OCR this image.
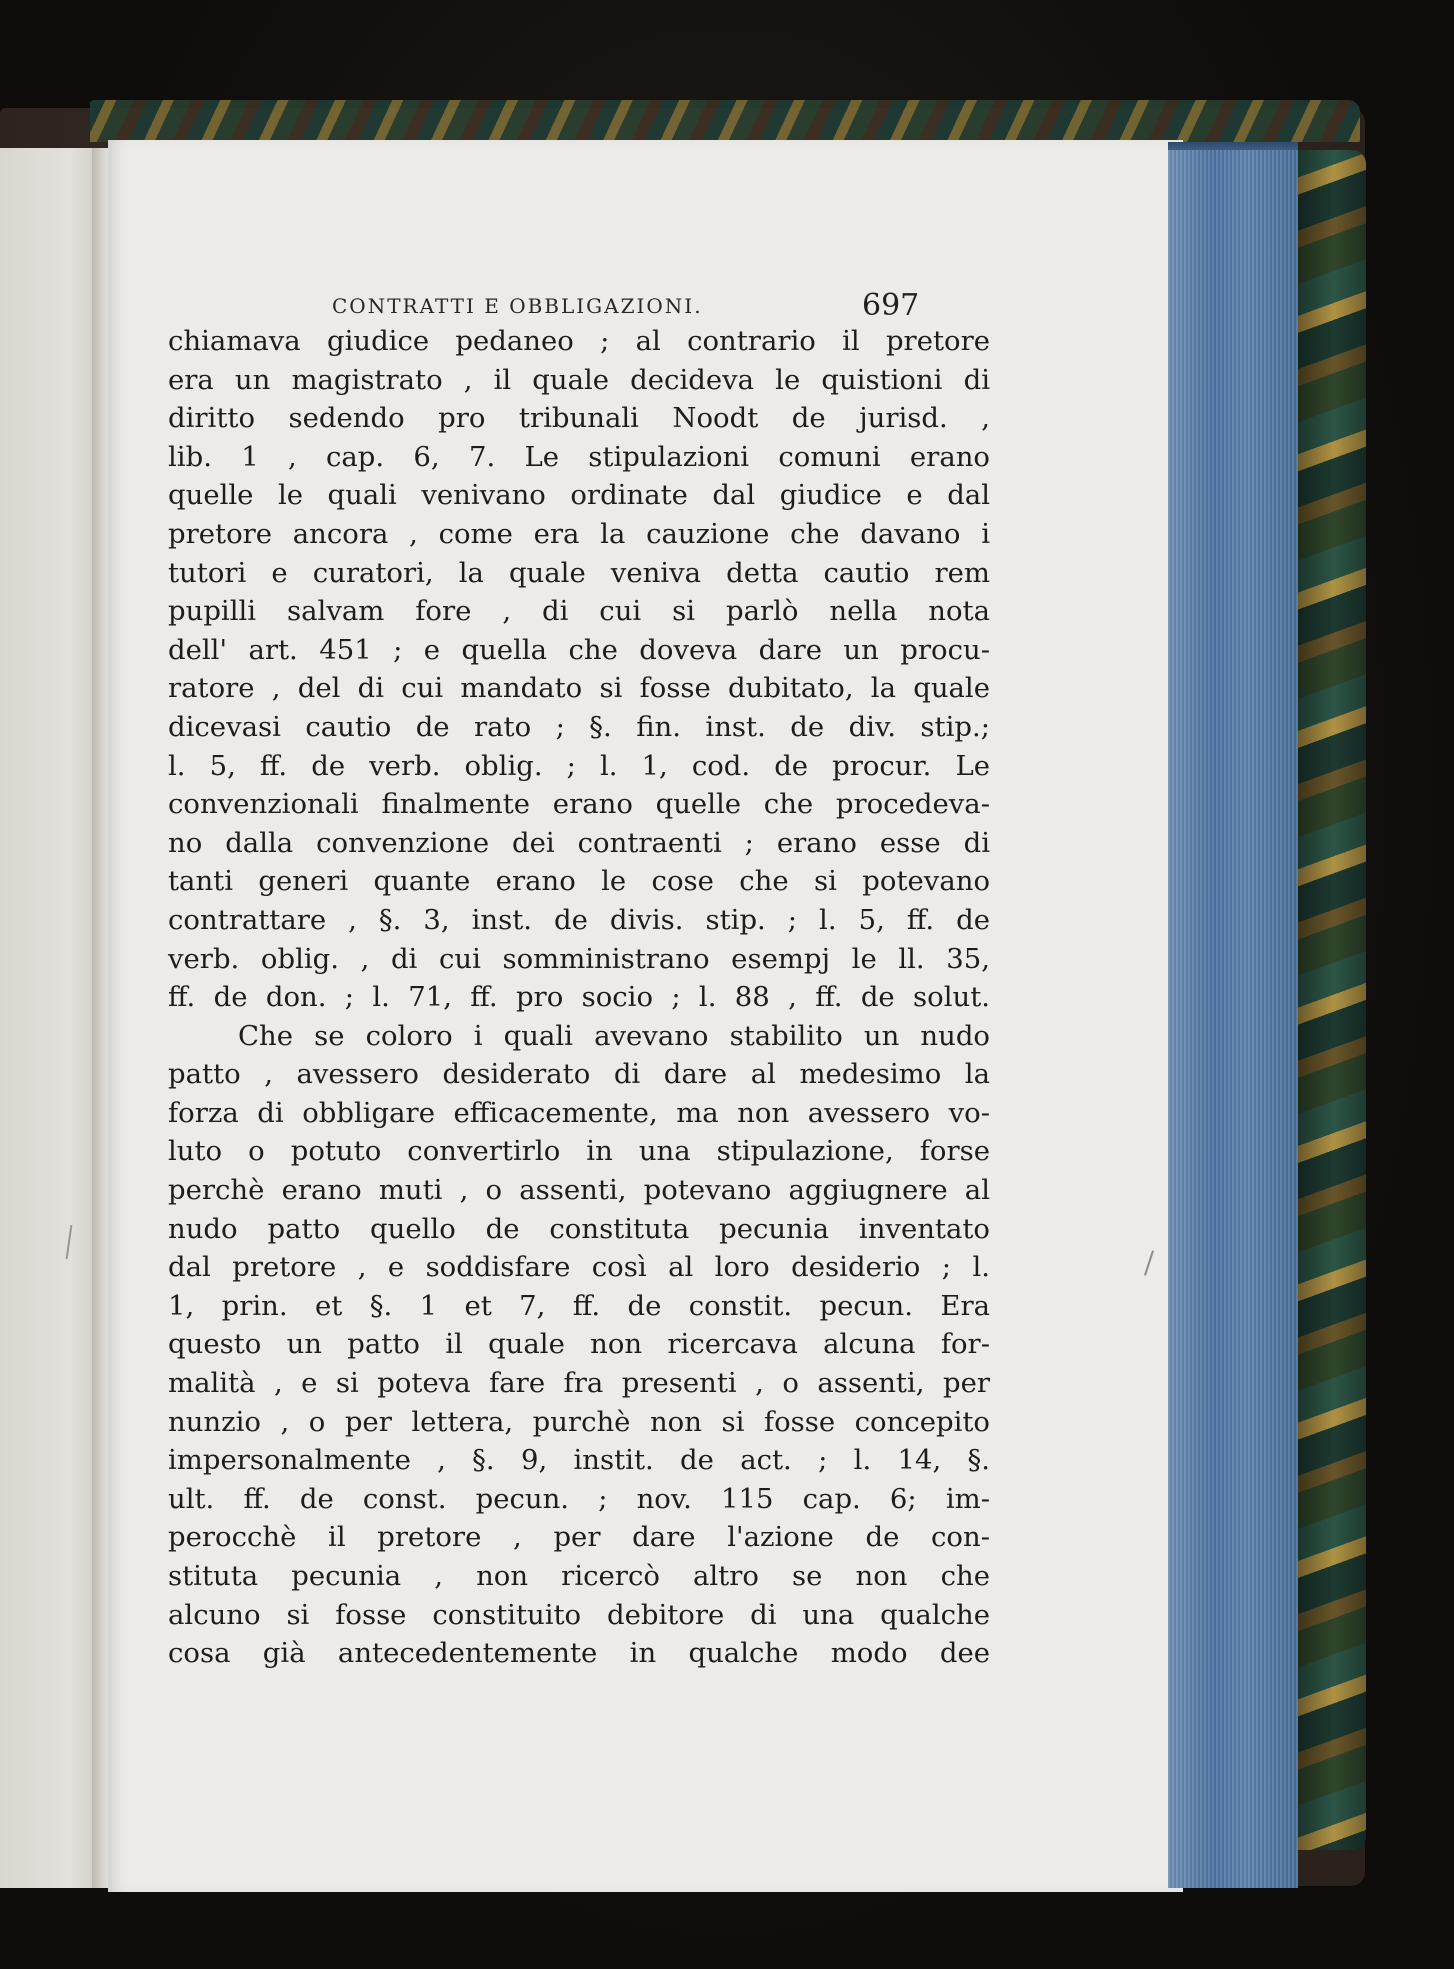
CONTRATTI E OBBLIGAZIONI.	697
chiamava giudice pedaneo ; al contrario il pretore
era un magistrato , il quale decideva le quistioni di
diritto sedendo pro tribunali Noodt de jurisd. ,
lib. 1 , cap. 6, 7. Le stipulazioni comuni erano
quelle le quali venivano ordinate dal giudice e dal
pretore ancora , come era la cauzione che davano i
tutori e curatori, la quale veniva detta cautio rem
pupilli salvam fore , di cui si parlò nella nota
dell' art. 451 ; e quella che doveva dare un procu-
ratore , del di cui mandato si fosse dubitato, la quale
dicevasi cautio de rato ; §. fin. inst. de div. stip.;
l. 5, ff. de verb. oblig. ; l. 1, cod. de procur. Le
convenzionali finalmente erano quelle che procedeva-
no dalla convenzione dei contraenti ; erano esse di
tanti generi quante erano le cose che si potevano
contrattare , §. 3, inst. de divis. stip. ; l. 5, ff. de
verb. oblig. , di cui somministrano esempj le ll. 35,
ff. de don. ; l. 71, ff. pro socio ; l. 88 , ff. de solut.
Che se coloro i quali avevano stabilito un nudo
patto , avessero desiderato di dare al medesimo la
forza di obbligare efficacemente, ma non avessero vo-
luto o potuto convertirlo in una stipulazione, forse
perchè erano muti , o assenti, potevano aggiugnere al
nudo patto quello de constituta pecunia inventato
dal pretore , e soddisfare così al loro desiderio ; l.
1, prin. et §. 1 et 7, ff. de constit. pecun. Era
questo un patto il quale non ricercava alcuna for-
malità , e si poteva fare fra presenti , o assenti, per
nunzio , o per lettera, purchè non si fosse concepito
impersonalmente , §. 9, instit. de act. ; l. 14, §.
ult. ff. de const. pecun. ; nov. 115 cap. 6; im-
perocchè il pretore , per dare l'azione de con-
stituta pecunia , non ricercò altro se non che
alcuno si fosse constituito debitore di una qualche
cosa già antecedentemente in qualche modo dee
